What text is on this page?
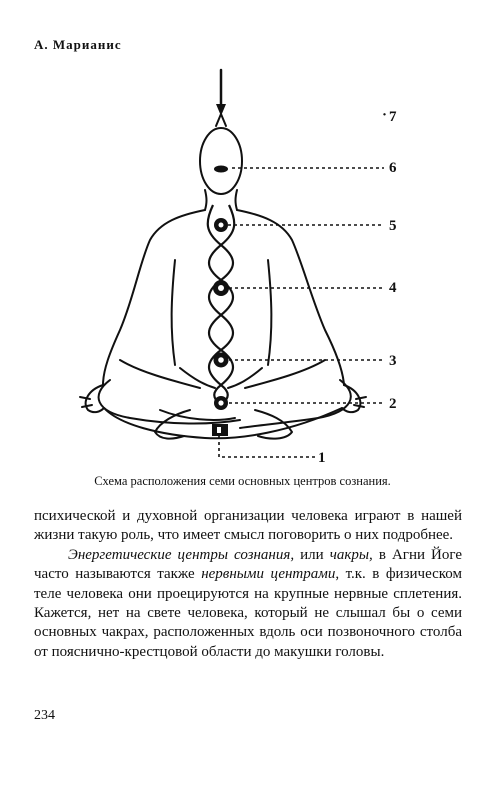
А. Марианис
· 7
6
5
4
3
2
1
Схема расположения семи основных центров сознания.

психической и духовной организации человека играют в нашей жизни такую роль, что имеет смысл поговорить о них подробнее.

Энергетические центры сознания, или чакры, в Агни Йоге часто называются также нервными центрами, т.к. в физическом теле человека они проецируются на крупные нервные сплетения. Кажется, нет на свете человека, который не слышал бы о семи основных чакрах, расположенных вдоль оси позвоночного столба от пояснично-крестцовой области до макушки головы.

234
